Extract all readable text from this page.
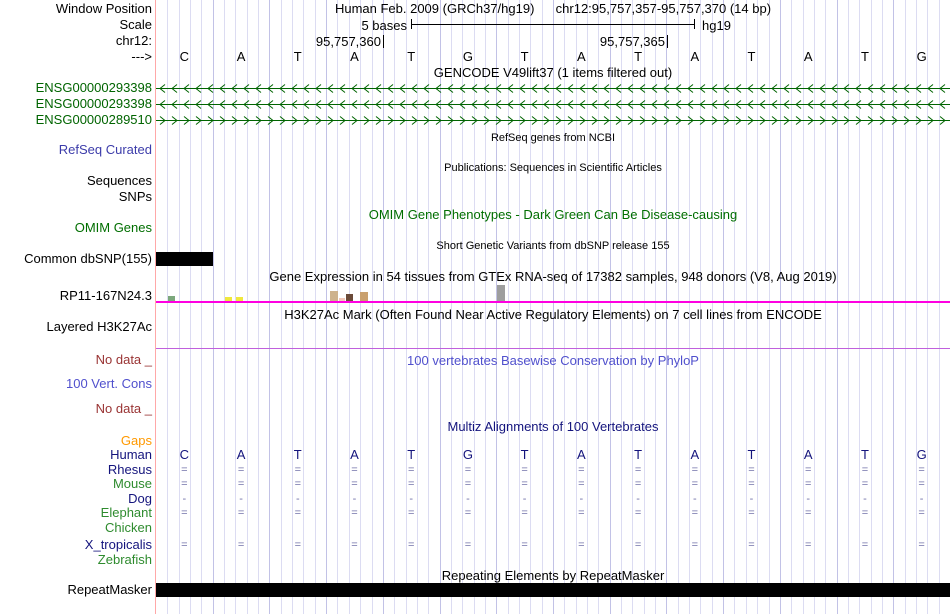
Window Position	Human Feb. 2009 (GRCh37/hg19) chr12:95,757,357-95,757,370 (14 bp)
Scale	5 bases	hg19
chr12:	95,757,360	95,757,365
--->	C	A	T	A	T	G	T	A	T	A	T	A	T	G
GENCODE V49lift37 (1 items filtered out)
ENSG00000293398
ENSG00000293398
ENSG00000289510
RefSeq genes from NCBI
RefSeq Curated
Publications: Sequences in Scientific Articles
Sequences
SNPs
OMIM Gene Phenotypes - Dark Green Can Be Disease-causing
OMIM Genes
Short Genetic Variants from dbSNP release 155
Common dbSNP(155)
Gene Expression in 54 tissues from GTEx RNA-seq of 17382 samples, 948 donors (V8, Aug 2019)
RP11-167N24.3
H3K27Ac Mark (Often Found Near Active Regulatory Elements) on 7 cell lines from ENCODE
Layered H3K27Ac
No data _	100 vertebrates Basewise Conservation by PhyloP
100 Vert. Cons
No data _
Multiz Alignments of 100 Vertebrates
Gaps
Human	C	A	T	A	T	G	T	A	T	A	T	A	T	G
Rhesus	=	=	=	=	=	=	=	=	=	=	=	=	=	=
Mouse	=	=	=	=	=	=	=	=	=	=	=	=	=	=
Dog	-	-	-	-	-	-	-	-	-	-	-	-	-	-
Elephant	=	=	=	=	=	=	=	=	=	=	=	=	=	=
Chicken
X_tropicalis	=	=	=	=	=	=	=	=	=	=	=	=	=	=
Zebrafish
Repeating Elements by RepeatMasker
RepeatMasker
